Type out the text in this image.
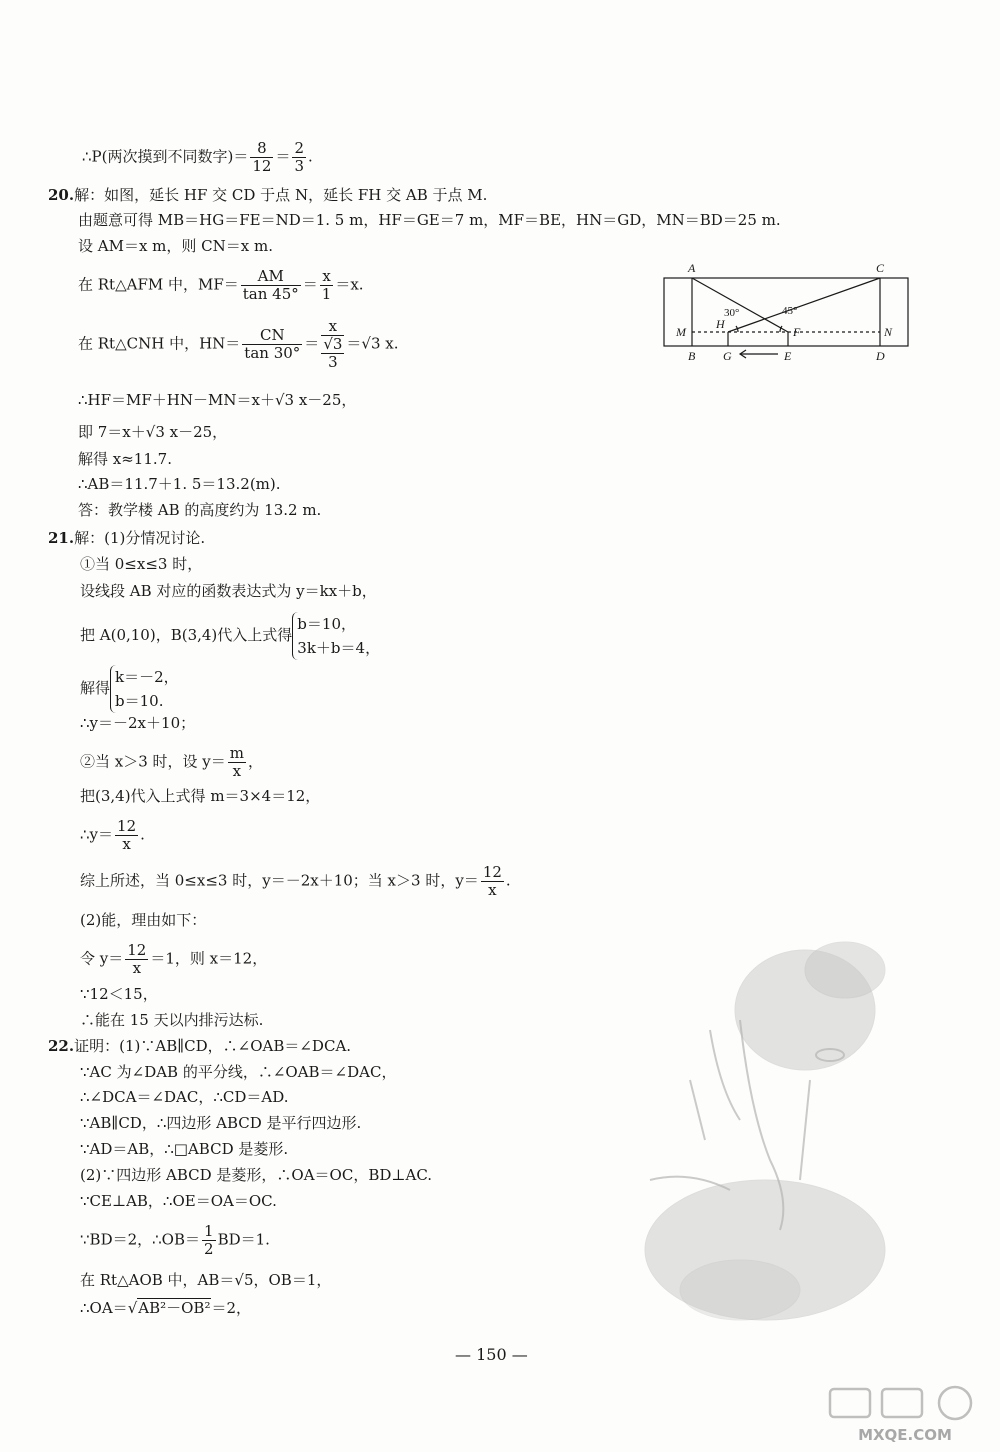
∴P(两次摸到不同数字)＝ $\frac{8}{12} = \frac{2}{3}$ .
20.解：如图，延长 HF 交 CD 于点 N，延长 FH 交 AB 于点 M.
由题意可得 MB＝HG＝FE＝ND＝1. 5 m，HF＝GE＝7 m，MF＝BE，HN＝GD，MN＝BD＝25 m.
设 AM＝x m，则 CN＝x m.
在 Rt△AFM 中，$MF= \frac{AM}{\tan 45^\circ} = \frac{x}{1} =x$.
在 Rt△CNH 中，$HN= \frac{CN}{\tan 30^\circ}$ ＝
x
√3
3
＝√3 x.
∴HF＝MF＋HN－MN＝x＋√3 x－25，
即 7＝x＋√3 x－25，
解得 x≈11.7.
∴AB＝11.7＋1. 5＝13.2(m).
答：教学楼 AB 的高度约为 13.2 m.
A	C
M	N
B G	E	D
H
F
30°	45°
21.解：(1)分情况讨论.
①当 0≤x≤3 时，
设线段 AB 对应的函数表达式为 y＝kx＋b，
把 A(0,10)，B(3,4)代入上式得
b＝10，
3k＋b＝4，
解得
k＝－2，
b＝10.
∴y＝－2x＋10；
②当 x＞3 时，设 $y= \frac{m}{x}$ ，
把(3,4)代入上式得 m＝3×4＝12，
∴y＝ $\frac{12}{x}$ .
综上所述，当 0≤x≤3 时，y＝－2x＋10；当 x＞3 时，$y= \frac{12}{x}$ .
(2)能，理由如下：
令 $y= \frac{12}{x} =1$，则 x＝12，
∵12＜15，
∴能在 15 天以内排污达标.
22.证明：(1)∵AB∥CD，∴∠OAB＝∠DCA.
∵AC 为∠DAB 的平分线，∴∠OAB＝∠DAC，
∴∠DCA＝∠DAC，∴CD＝AD.
∵AB∥CD，∴四边形 ABCD 是平行四边形.
∵AD＝AB，∴□ABCD 是菱形.
(2)∵四边形 ABCD 是菱形，∴OA＝OC，BD⊥AC.
∵CE⊥AB，∴OE＝OA＝OC.
∵BD＝2，∴OB＝ $\frac{1}{2} BD=1$.
在 Rt△AOB 中，AB＝√5，OB＝1，
∴OA＝√AB²－OB²＝2，
— 150 —
MXQE.COM
